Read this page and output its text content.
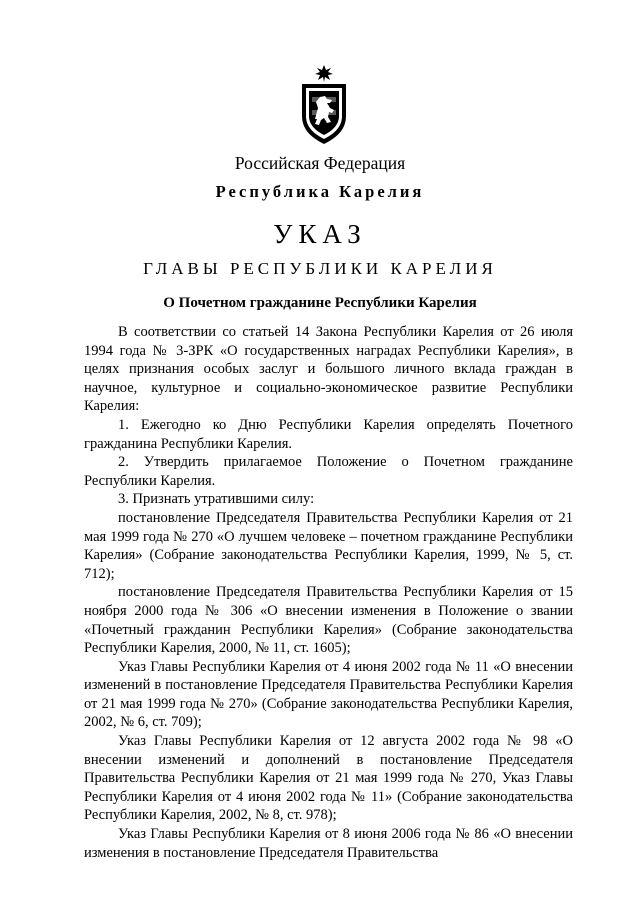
Российская Федерация
Республика Карелия
УКАЗ
ГЛАВЫ РЕСПУБЛИКИ КАРЕЛИЯ
О Почетном гражданине Республики Карелия

В соответствии со статьей 14 Закона Республики Карелия от 26 июля 1994 года № 3-ЗРК «О государственных наградах Республики Карелия», в целях признания особых заслуг и большого личного вклада граждан в научное, культурное и социально-экономическое развитие Республики Карелия:

1. Ежегодно ко Дню Республики Карелия определять Почетного гражданина Республики Карелия.

2. Утвердить прилагаемое Положение о Почетном гражданине Республики Карелия.

3. Признать утратившими силу:

постановление Председателя Правительства Республики Карелия от 21 мая 1999 года № 270 «О лучшем человеке – почетном гражданине Республики Карелия» (Собрание законодательства Республики Карелия, 1999, № 5, ст. 712);

постановление Председателя Правительства Республики Карелия от 15 ноября 2000 года № 306 «О внесении изменения в Положение о звании «Почетный гражданин Республики Карелия» (Собрание законодательства Республики Карелия, 2000, № 11, ст. 1605);

Указ Главы Республики Карелия от 4 июня 2002 года № 11 «О внесении изменений в постановление Председателя Правительства Республики Карелия от 21 мая 1999 года № 270» (Собрание законодательства Республики Карелия, 2002, № 6, ст. 709);

Указ Главы Республики Карелия от 12 августа 2002 года № 98 «О внесении изменений и дополнений в постановление Председателя Правительства Республики Карелия от 21 мая 1999 года № 270, Указ Главы Республики Карелия от 4 июня 2002 года № 11» (Собрание законодательства Республики Карелия, 2002, № 8, ст. 978);

Указ Главы Республики Карелия от 8 июня 2006 года № 86 «О внесении изменения в постановление Председателя Правительства
